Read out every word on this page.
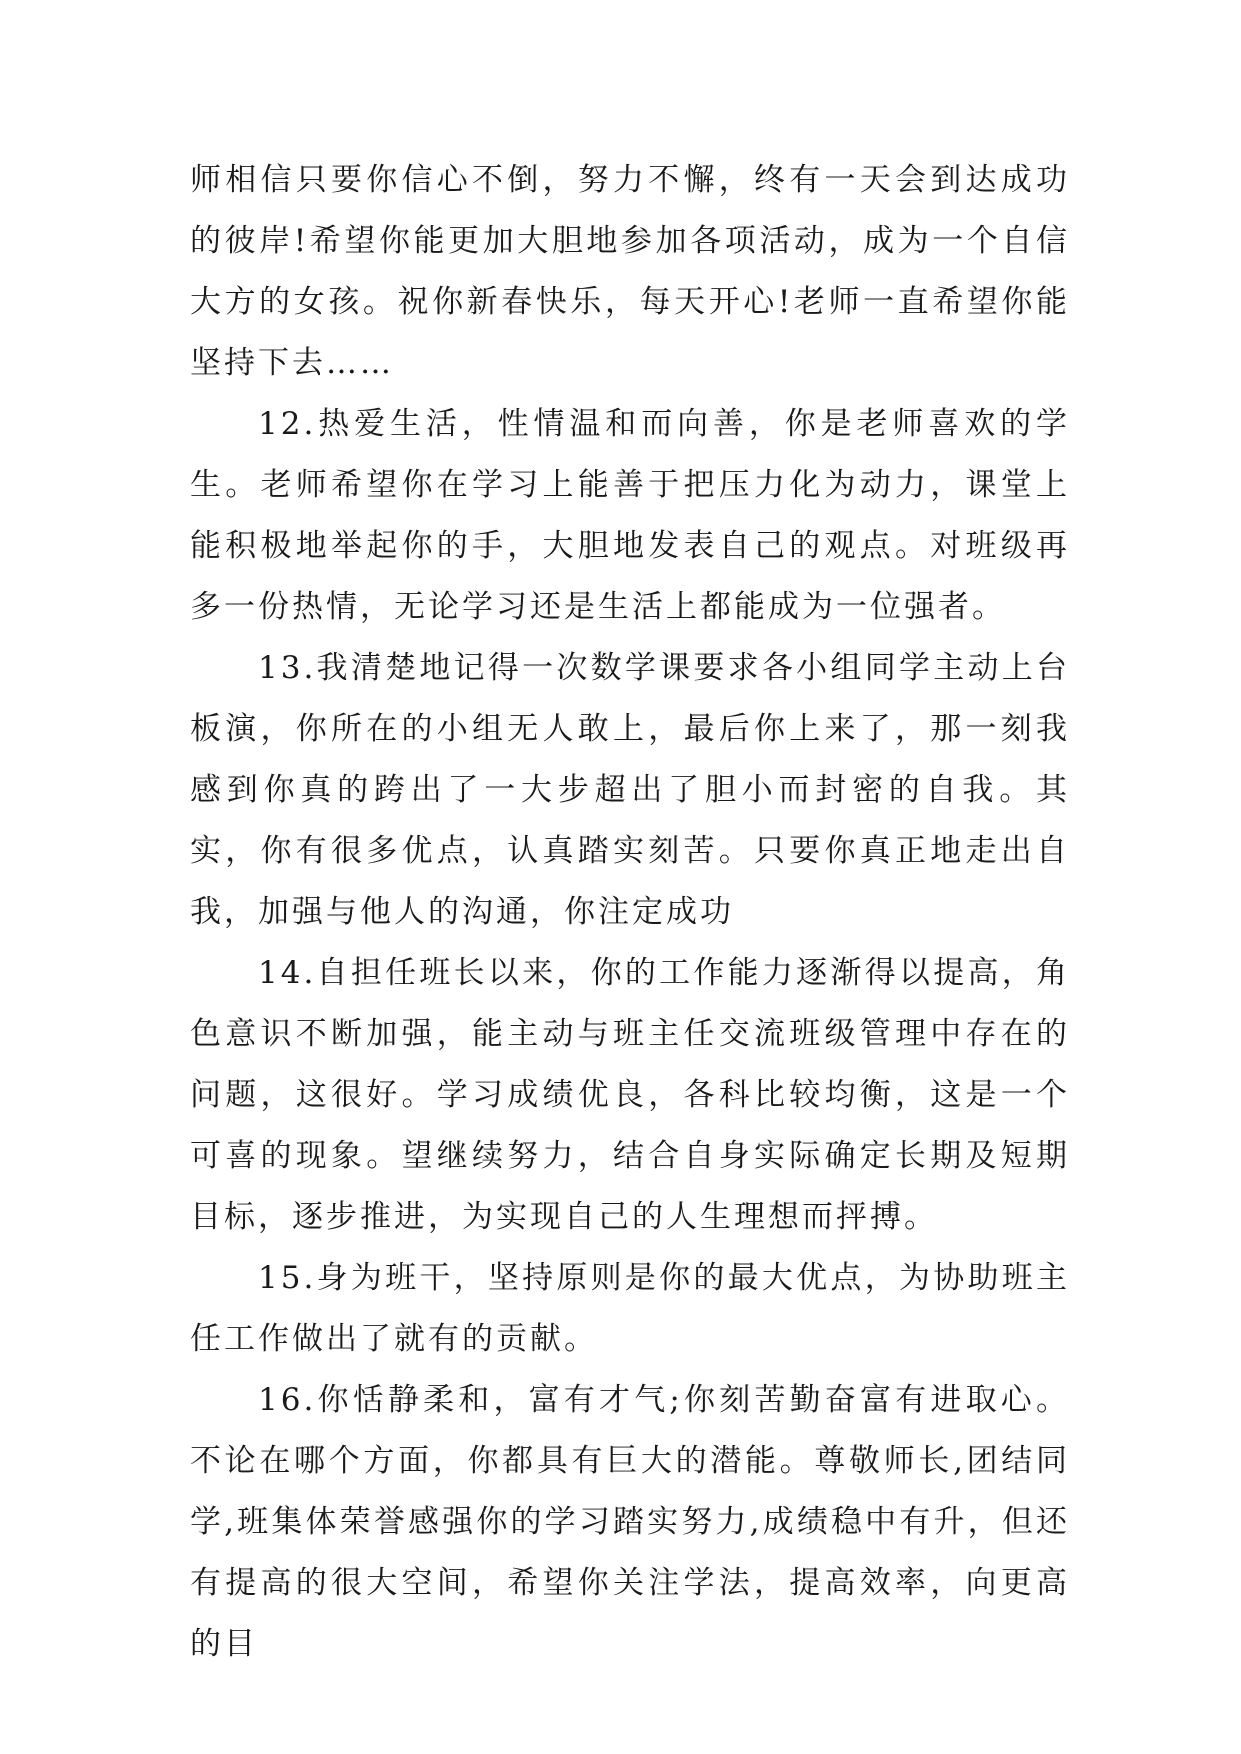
师相信只要你信心不倒，努力不懈，终有一天会到达成功的彼岸!希望你能更加大胆地参加各项活动，成为一个自信大方的女孩。祝你新春快乐，每天开心!老师一直希望你能坚持下去……

12.热爱生活，性情温和而向善，你是老师喜欢的学生。老师希望你在学习上能善于把压力化为动力，课堂上能积极地举起你的手，大胆地发表自己的观点。对班级再多一份热情，无论学习还是生活上都能成为一位强者。

13.我清楚地记得一次数学课要求各小组同学主动上台板演，你所在的小组无人敢上，最后你上来了，那一刻我感到你真的跨出了一大步超出了胆小而封密的自我。其实，你有很多优点，认真踏实刻苦。只要你真正地走出自我，加强与他人的沟通，你注定成功

14.自担任班长以来，你的工作能力逐渐得以提高，角色意识不断加强，能主动与班主任交流班级管理中存在的问题，这很好。学习成绩优良，各科比较均衡，这是一个可喜的现象。望继续努力，结合自身实际确定长期及短期目标，逐步推进，为实现自己的人生理想而抨搏。

15.身为班干，坚持原则是你的最大优点，为协助班主任工作做出了就有的贡献。

16.你恬静柔和，富有才气;你刻苦勤奋富有进取心。不论在哪个方面，你都具有巨大的潜能。尊敬师长,团结同学,班集体荣誉感强你的学习踏实努力,成绩稳中有升，但还有提高的很大空间，希望你关注学法，提高效率，向更高的目
